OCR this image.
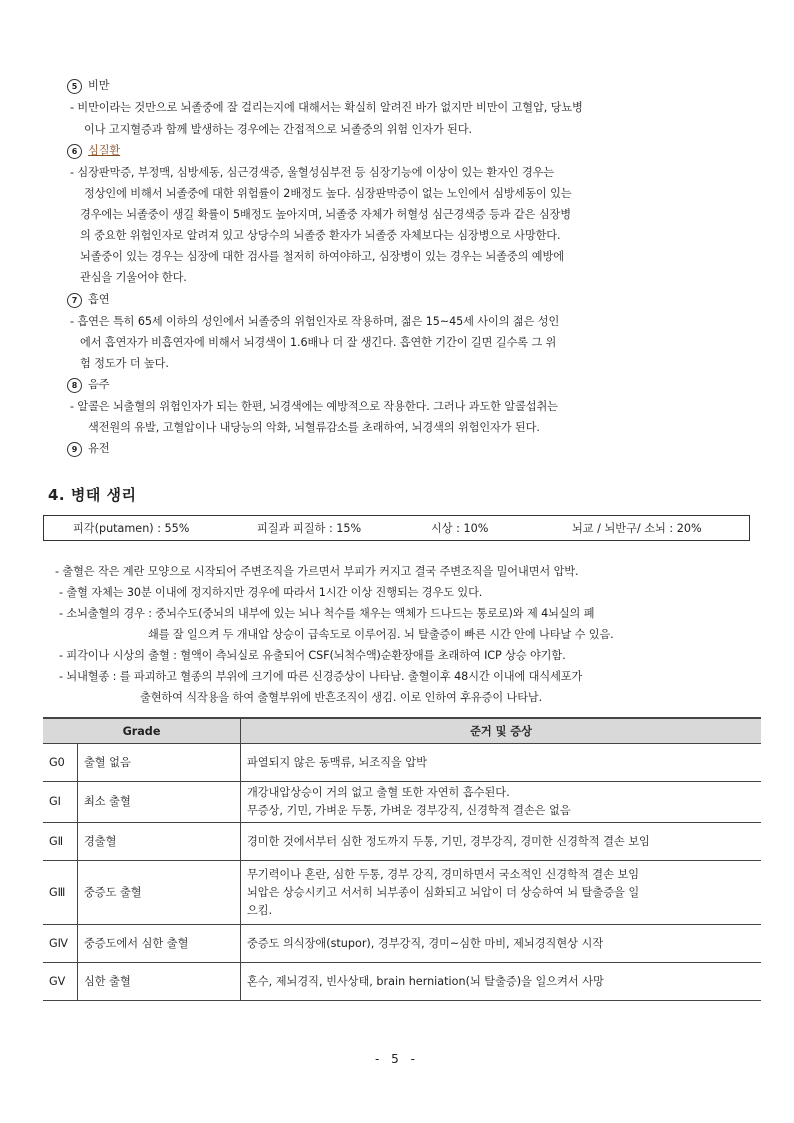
5 비만
- 비만이라는 것만으로 뇌졸중에 잘 걸리는지에 대해서는 확실히 알려진 바가 없지만 비만이 고혈압, 당뇨병
이나 고지혈증과 함께 발생하는 경우에는 간접적으로 뇌졸중의 위험 인자가 된다.
6 심질환
- 심장판막증, 부정맥, 심방세동, 심근경색증, 울혈성심부전 등 심장기능에 이상이 있는 환자인 경우는
정상인에 비해서 뇌졸중에 대한 위험률이 2배정도 높다. 심장판막증이 없는 노인에서 심방세동이 있는
경우에는 뇌졸중이 생길 확률이 5배정도 높아지며, 뇌졸중 자체가 허혈성 심근경색증 등과 같은 심장병
의 중요한 위험인자로 알려져 있고 상당수의 뇌졸중 환자가 뇌졸중 자체보다는 심장병으로 사망한다.
뇌졸중이 있는 경우는 심장에 대한 검사를 철저히 하여야하고, 심장병이 있는 경우는 뇌졸중의 예방에
관심을 기울어야 한다.
7 흡연
- 흡연은 특히 65세 이하의 성인에서 뇌졸중의 위험인자로 작용하며, 젊은 15~45세 사이의 젊은 성인
에서 흡연자가 비흡연자에 비해서 뇌경색이 1.6배나 더 잘 생긴다. 흡연한 기간이 길면 길수록 그 위
험 정도가 더 높다.
8 음주
- 알콜은 뇌출혈의 위험인자가 되는 한편, 뇌경색에는 예방적으로 작용한다. 그러나 과도한 알콜섭취는
색전원의 유발, 고혈압이나 내당능의 악화, 뇌혈류감소를 초래하여, 뇌경색의 위험인자가 된다.
9 유전
4. 병태 생리
피각(putamen) : 55%	피질과 피질하 : 15%	시상 : 10%	뇌교 / 뇌반구/ 소뇌 : 20%
- 출혈은 작은 계란 모양으로 시작되어 주변조직을 가르면서 부피가 커지고 결국 주변조직을 밀어내면서 압박.
- 출혈 자체는 30분 이내에 정지하지만 경우에 따라서 1시간 이상 진행되는 경우도 있다.
- 소뇌출혈의 경우 : 중뇌수도(중뇌의 내부에 있는 뇌나 척수를 채우는 액체가 드나드는 통로로)와 제 4뇌실의 폐
쇄를 잘 일으켜 두 개내압 상승이 급속도로 이루어짐. 뇌 탈출증이 빠른 시간 안에 나타날 수 있음.
- 피각이나 시상의 출혈 : 혈액이 측뇌실로 유출되어 CSF(뇌척수액)순환장애를 초래하여 ICP 상승 야기함.
- 뇌내혈종 : 를 파괴하고 혈종의 부위에 크기에 따른 신경증상이 나타남. 출혈이후 48시간 이내에 대식세포가
출현하여 식작용을 하여 출혈부위에 반흔조직이 생김. 이로 인하여 후유증이 나타남.
Grade		준거 및 증상
G0	출혈 없음	파열되지 않은 동맥류, 뇌조직을 압박

GⅠ	최소 출혈	개강내압상승이 거의 없고 출혈 또한 자연히 흡수된다.
무증상, 기민, 가벼운 두통, 가벼운 경부강직, 신경학적 결손은 없음

GⅡ	경출혈	경미한 것에서부터 심한 정도까지 두통, 기민, 경부강직, 경미한 신경학적 결손 보임

GⅢ	중증도 출혈	무기력이나 혼란, 심한 두통, 경부 강직, 경미하면서 국소적인 신경학적 결손 보임
뇌압은 상승시키고 서서히 뇌부종이 심화되고 뇌압이 더 상승하여 뇌 탈출증을 일
으킴.

GⅣ	중증도에서 심한 출혈	중증도 의식장애(stupor), 경부강직, 경미~심한 마비, 제뇌경직현상 시작

GⅤ	심한 출혈	혼수, 제뇌경직, 빈사상태, brain herniation(뇌 탈출증)을 일으켜서 사망
- 5 -
